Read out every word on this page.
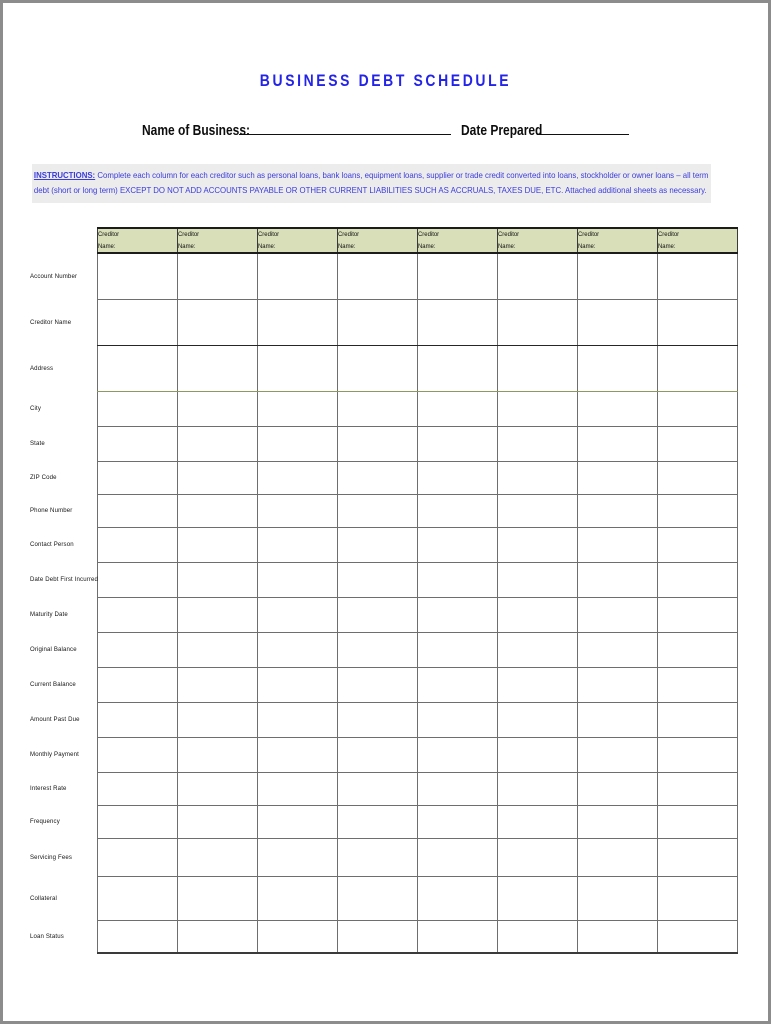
BUSINESS DEBT SCHEDULE
Name of Business:	Date Prepared
INSTRUCTIONS: Complete each column for each creditor such as personal loans, bank loans, equipment loans, supplier or trade credit converted into loans, stockholder or owner loans – all term debt (short or long term) EXCEPT DO NOT ADD ACCOUNTS PAYABLE OR OTHER CURRENT LIABILITIES SUCH AS ACCRUALS, TAXES DUE, ETC. Attached additional sheets as necessary.

	Creditor
Name:	Creditor
Name:	Creditor
Name:	Creditor
Name:	Creditor
Name:	Creditor
Name:	Creditor
Name:	Creditor
Name:

Account Number								
Creditor Name								
Address								
City								
State								
ZIP Code								
Phone Number								
Contact Person								
Date Debt First Incurred								
Maturity Date								
Original Balance								
Current Balance								
Amount Past Due								
Monthly Payment								
Interest Rate								
Frequency								
Servicing Fees								
Collateral								
Loan Status								
